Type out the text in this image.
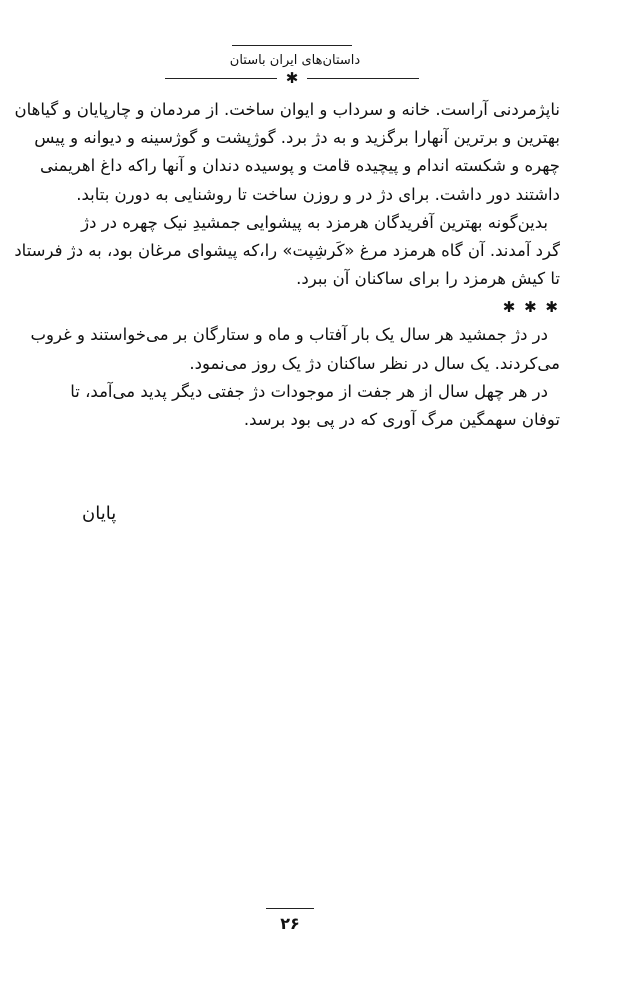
داستان‌های ایران باستان
✱
ناپژمردنی آراست. خانه و سرداب و ایوان ساخت. از مردمان و چارپایان و گیاهان
بهترین و برترین آنهارا برگزید و به دژ برد. گوژپشت و گوژسینه و دیوانه و پیس
چهره و شکسته اندام و پیچیده قامت و پوسیده دندان و آنها راکه داغ اهریمنی
داشتند دور داشت. برای دژ در و روزن ساخت تا روشنایی به دورن بتابد.
بدین‌گونه بهترین آفریدگان هرمزد به پیشوایی جمشیدِ نیک چهره در دژ
گرد آمدند. آن گاه هرمزد مرغ «کَرشِپت» را،که پیشوای مرغان بود، به دژ فرستاد
تا کیش هرمزد را برای ساکنان آن ببرد.
✱ ✱ ✱
در دژ جمشید هر سال یک بار آفتاب و ماه و ستارگان بر می‌خواستند و غروب
می‌کردند. یک سال در نظر ساکنان دژ یک روز می‌نمود.
در هر چهل سال از هر جفت از موجودات دژ جفتی دیگر پدید می‌آمد، تا
توفان سهمگین مرگ آوری که در پی بود برسد.
پایان
۲۶
